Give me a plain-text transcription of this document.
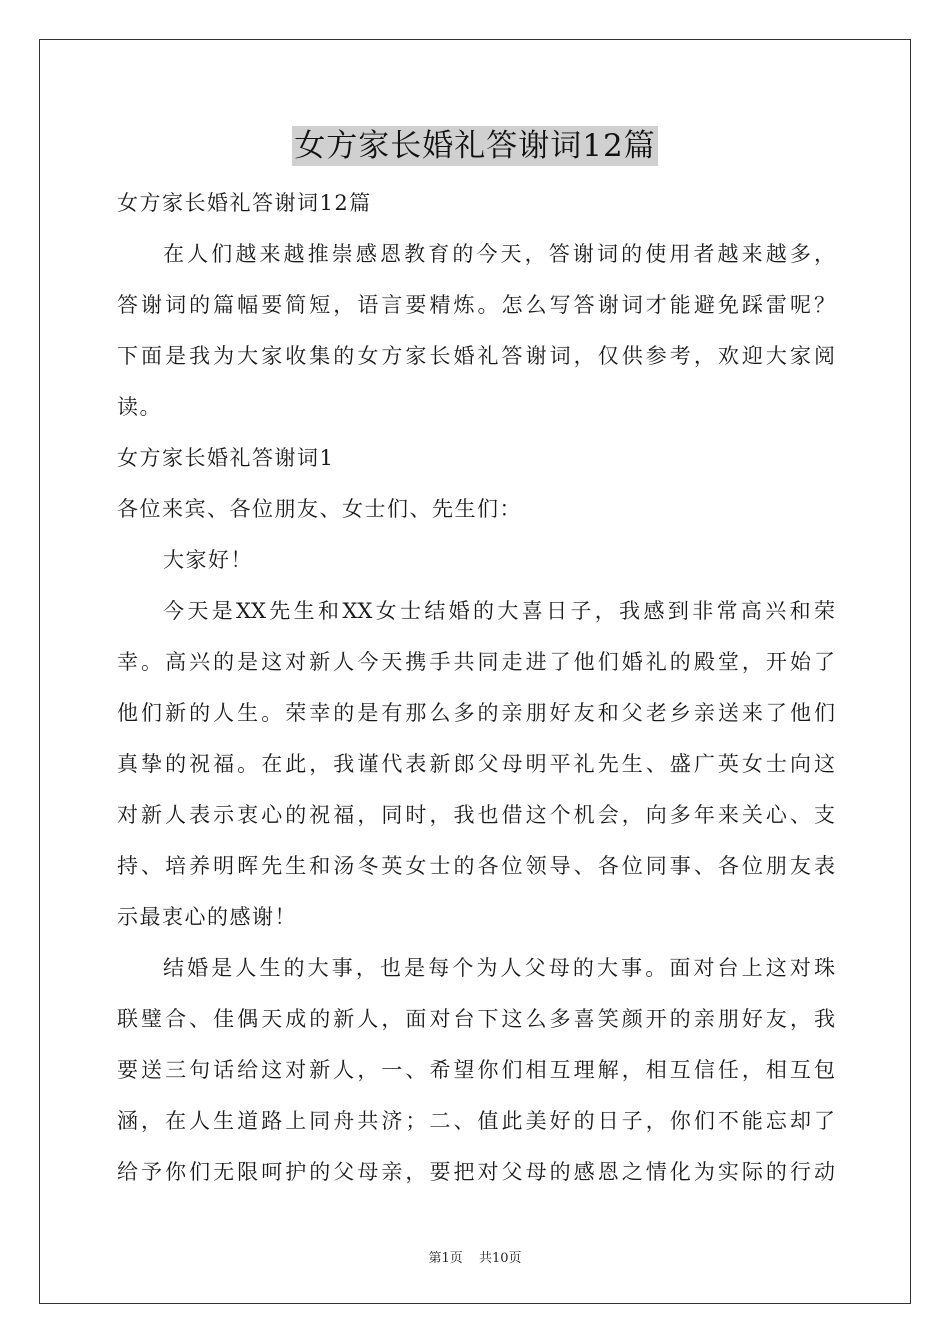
女方家长婚礼答谢词12篇
女方家长婚礼答谢词12篇
在人们越来越推崇感恩教育的今天，答谢词的使用者越来越多，
答谢词的篇幅要简短，语言要精炼。怎么写答谢词才能避免踩雷呢？
下面是我为大家收集的女方家长婚礼答谢词，仅供参考，欢迎大家阅
读。
女方家长婚礼答谢词1
各位来宾、各位朋友、女士们、先生们：
大家好！
今天是XX先生和XX女士结婚的大喜日子，我感到非常高兴和荣
幸。高兴的是这对新人今天携手共同走进了他们婚礼的殿堂，开始了
他们新的人生。荣幸的是有那么多的亲朋好友和父老乡亲送来了他们
真挚的祝福。在此，我谨代表新郎父母明平礼先生、盛广英女士向这
对新人表示衷心的祝福，同时，我也借这个机会，向多年来关心、支
持、培养明晖先生和汤冬英女士的各位领导、各位同事、各位朋友表
示最衷心的感谢！
结婚是人生的大事，也是每个为人父母的大事。面对台上这对珠
联璧合、佳偶天成的新人，面对台下这么多喜笑颜开的亲朋好友，我
要送三句话给这对新人，一、希望你们相互理解，相互信任，相互包
涵，在人生道路上同舟共济；二、值此美好的日子，你们不能忘却了
给予你们无限呵护的父母亲，要把对父母的感恩之情化为实际的行动
第1页 共10页
